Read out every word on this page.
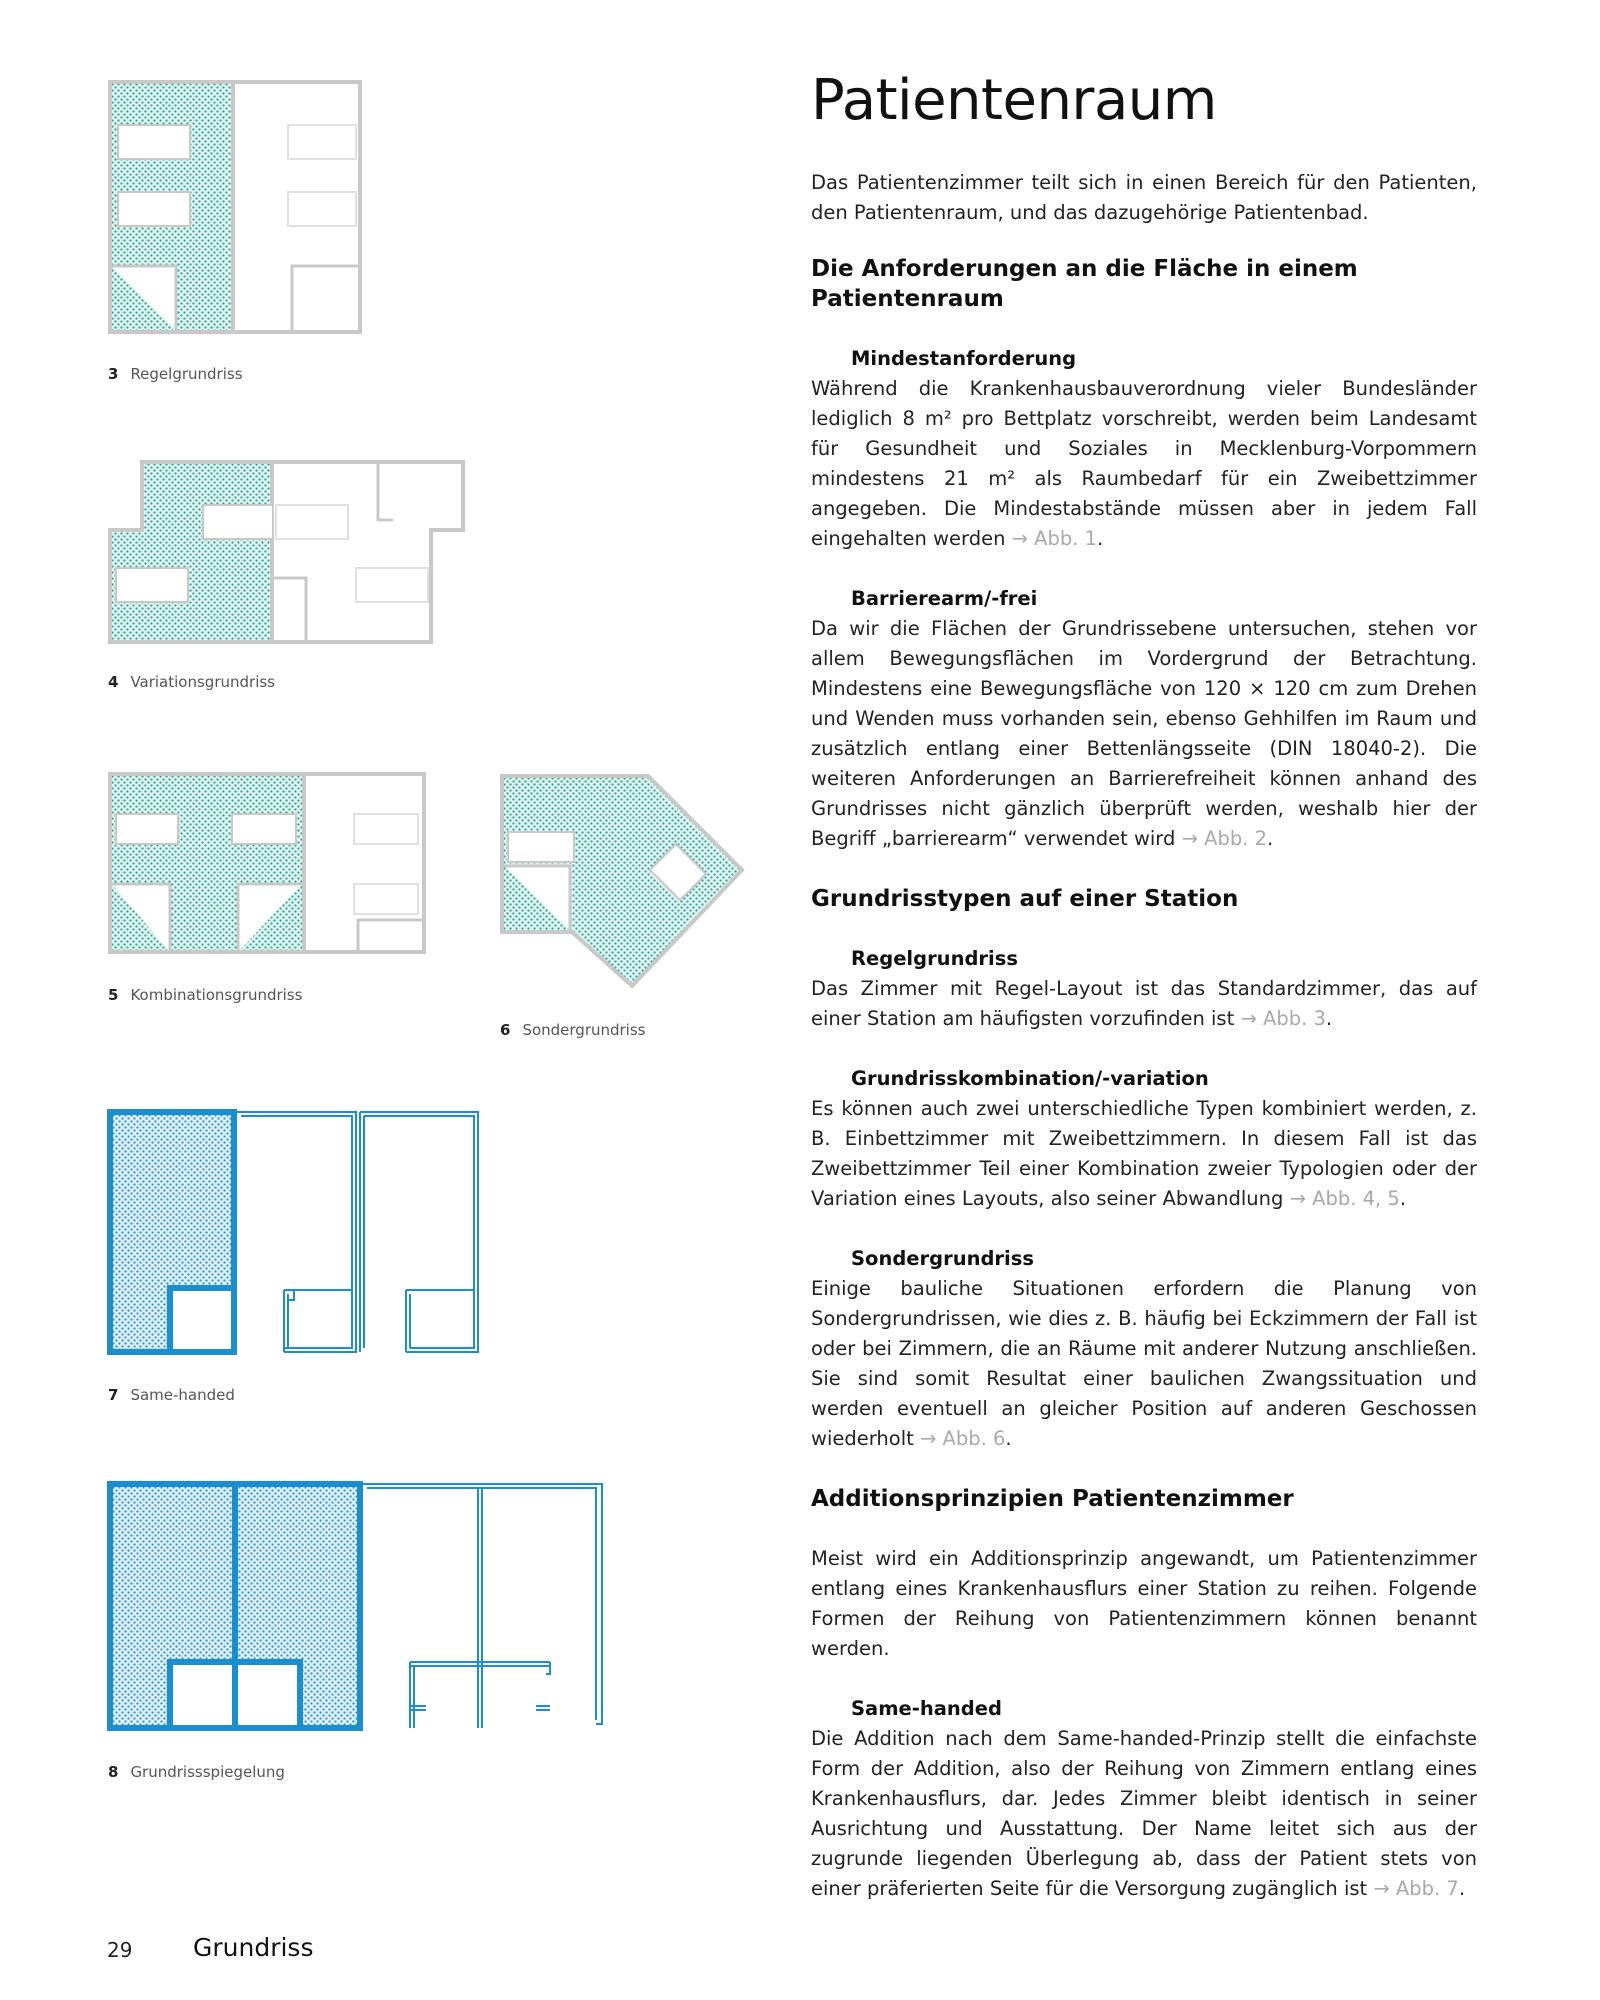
3 Regelgrundriss
4 Variationsgrundriss
5 Kombinationsgrundriss
6 Sondergrundriss
7 Same-handed
8 Grundrissspiegelung
Patientenraum

Das Patientenzimmer teilt sich in einen Bereich für den Patienten, den Patientenraum, und das dazugehörige Patientenbad.

Die Anforderungen an die Fläche in einem Patientenraum
Mindestanforderung

Während die Krankenhausbauverordnung vieler Bundesländer lediglich 8 m² pro Bettplatz vorschreibt, werden beim Landesamt für Gesundheit und Soziales in Mecklenburg-Vorpommern mindestens 21 m² als Raumbedarf für ein Zweibettzimmer angegeben. Die Mindestabstände müssen aber in jedem Fall eingehalten werden → Abb. 1.

Barrierearm/-frei

Da wir die Flächen der Grundrissebene untersuchen, stehen vor allem Bewegungsflächen im Vordergrund der Betrachtung. Mindestens eine Bewegungsfläche von 120 × 120 cm zum Drehen und Wenden muss vorhanden sein, ebenso Gehhilfen im Raum und zusätzlich entlang einer Bettenlängsseite (DIN 18040-2). Die weiteren Anforderungen an Barrierefreiheit können anhand des Grundrisses nicht gänzlich überprüft werden, weshalb hier der Begriff „barrierearm“ verwendet wird → Abb. 2.

Grundrisstypen auf einer Station
Regelgrundriss

Das Zimmer mit Regel-Layout ist das Standardzimmer, das auf einer Station am häufigsten vorzufinden ist → Abb. 3.

Grundrisskombination/-variation

Es können auch zwei unterschiedliche Typen kombiniert werden, z. B. Einbettzimmer mit Zweibettzimmern. In diesem Fall ist das Zweibettzimmer Teil einer Kombination zweier Typologien oder der Variation eines Layouts, also seiner Abwandlung → Abb. 4, 5.

Sondergrundriss

Einige bauliche Situationen erfordern die Planung von Sondergrundrissen, wie dies z. B. häufig bei Eckzimmern der Fall ist oder bei Zimmern, die an Räume mit anderer Nutzung anschließen. Sie sind somit Resultat einer baulichen Zwangssituation und werden eventuell an gleicher Position auf anderen Geschossen wiederholt → Abb. 6.

Additionsprinzipien Patientenzimmer

Meist wird ein Additionsprinzip angewandt, um Patientenzimmer entlang eines Krankenhausflurs einer Station zu reihen. Folgende Formen der Reihung von Patientenzimmern können benannt werden.

Same-handed

Die Addition nach dem Same-handed-Prinzip stellt die einfachste Form der Addition, also der Reihung von Zimmern entlang eines Krankenhausflurs, dar. Jedes Zimmer bleibt identisch in seiner Ausrichtung und Ausstattung. Der Name leitet sich aus der zugrunde liegenden Überlegung ab, dass der Patient stets von einer präferierten Seite für die Versorgung zugänglich ist → Abb. 7.

29 Grundriss
